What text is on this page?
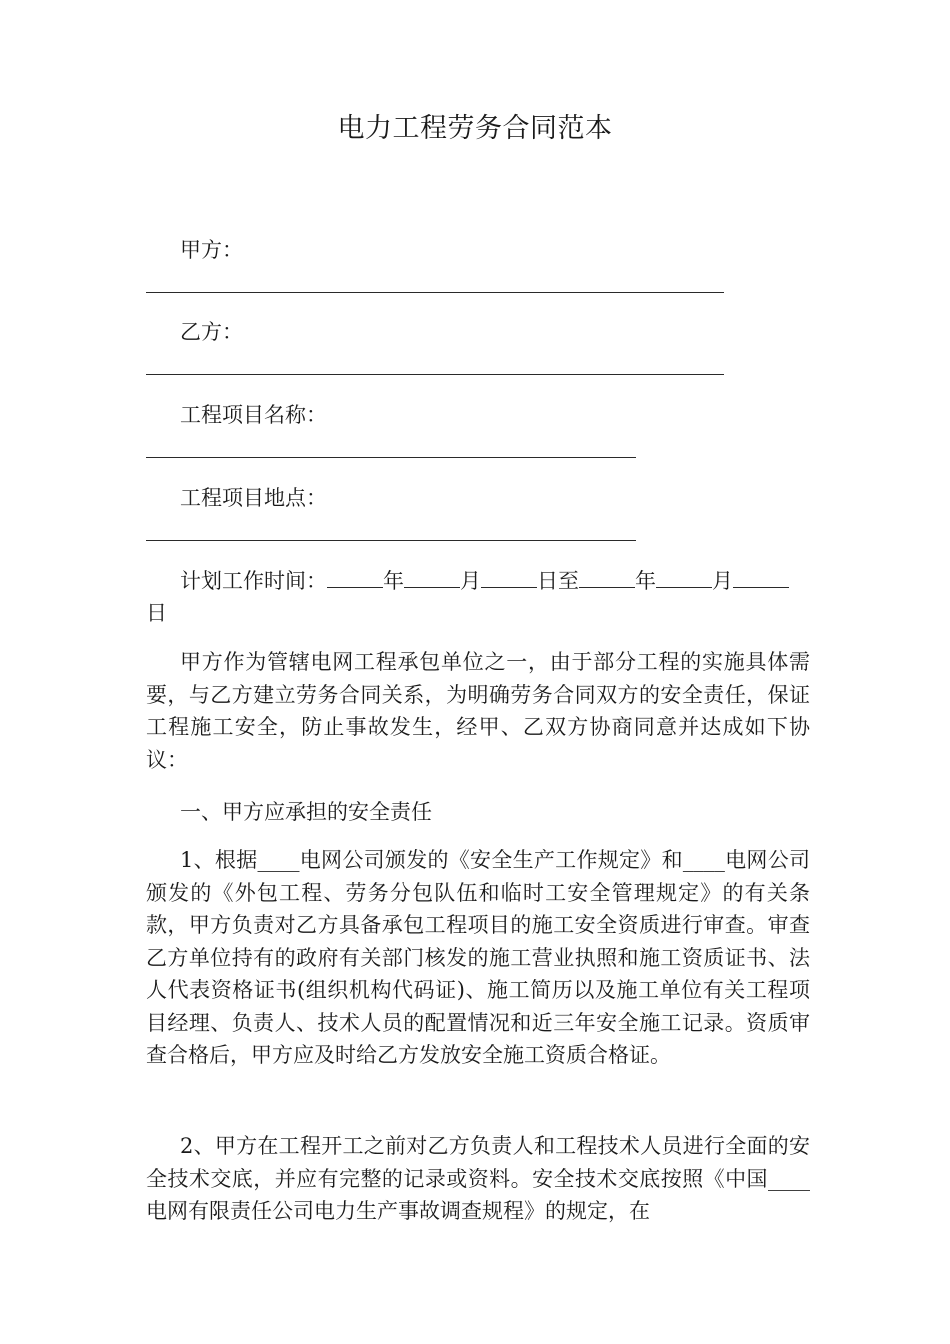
电力工程劳务合同范本
甲方：
乙方：
工程项目名称：
工程项目地点：
计划工作时间：	年	月	日至	年	月
日
甲方作为管辖电网工程承包单位之一，由于部分工程的实施具体需要，与乙方建立劳务合同关系，为明确劳务合同双方的安全责任，保证工程施工安全，防止事故发生，经甲、乙双方协商同意并达成如下协议：
一、甲方应承担的安全责任
1、根据____电网公司颁发的《安全生产工作规定》和____电网公司颁发的《外包工程、劳务分包队伍和临时工安全管理规定》的有关条款，甲方负责对乙方具备承包工程项目的施工安全资质进行审查。审查乙方单位持有的政府有关部门核发的施工营业执照和施工资质证书、法人代表资格证书(组织机构代码证)、施工简历以及施工单位有关工程项目经理、负责人、技术人员的配置情况和近三年安全施工记录。资质审查合格后，甲方应及时给乙方发放安全施工资质合格证。
2、甲方在工程开工之前对乙方负责人和工程技术人员进行全面的安全技术交底，并应有完整的记录或资料。安全技术交底按照《中国____电网有限责任公司电力生产事故调查规程》的规定，在
